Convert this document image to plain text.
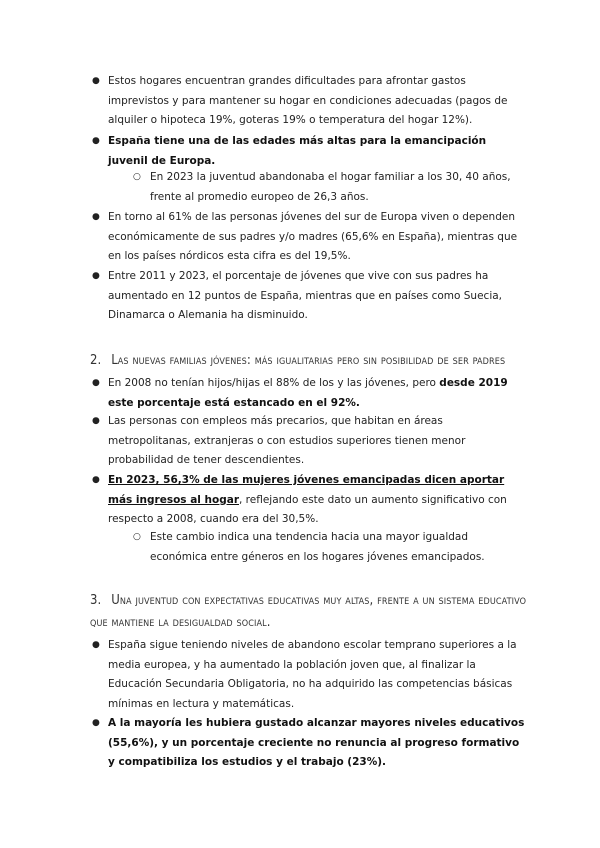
● Estos hogares encuentran grandes dificultades para afrontar gastos imprevistos y para mantener su hogar en condiciones adecuadas (pagos de alquiler o hipoteca 19%, goteras 19% o temperatura del hogar 12%).
● España tiene una de las edades más altas para la emancipación juvenil de Europa.
○ En 2023 la juventud abandonaba el hogar familiar a los 30, 40 años, frente al promedio europeo de 26,3 años.
● En torno al 61% de las personas jóvenes del sur de Europa viven o dependen económicamente de sus padres y/o madres (65,6% en España), mientras que en los países nórdicos esta cifra es del 19,5%.
● Entre 2011 y 2023, el porcentaje de jóvenes que vive con sus padres ha aumentado en 12 puntos de España, mientras que en países como Suecia, Dinamarca o Alemania ha disminuido.
2. Las nuevas familias jóvenes: más igualitarias pero sin posibilidad de ser padres
● En 2008 no tenían hijos/hijas el 88% de los y las jóvenes, pero desde 2019 este porcentaje está estancado en el 92%.
● Las personas con empleos más precarios, que habitan en áreas metropolitanas, extranjeras o con estudios superiores tienen menor probabilidad de tener descendientes.
● En 2023, 56,3% de las mujeres jóvenes emancipadas dicen aportar más ingresos al hogar, reflejando este dato un aumento significativo con respecto a 2008, cuando era del 30,5%.
○ Este cambio indica una tendencia hacia una mayor igualdad económica entre géneros en los hogares jóvenes emancipados.
3. Una juventud con expectativas educativas muy altas, frente a un sistema educativo que mantiene la desigualdad social.
● España sigue teniendo niveles de abandono escolar temprano superiores a la media europea, y ha aumentado la población joven que, al finalizar la Educación Secundaria Obligatoria, no ha adquirido las competencias básicas mínimas en lectura y matemáticas.
● A la mayoría les hubiera gustado alcanzar mayores niveles educativos (55,6%), y un porcentaje creciente no renuncia al progreso formativo y compatibiliza los estudios y el trabajo (23%).
